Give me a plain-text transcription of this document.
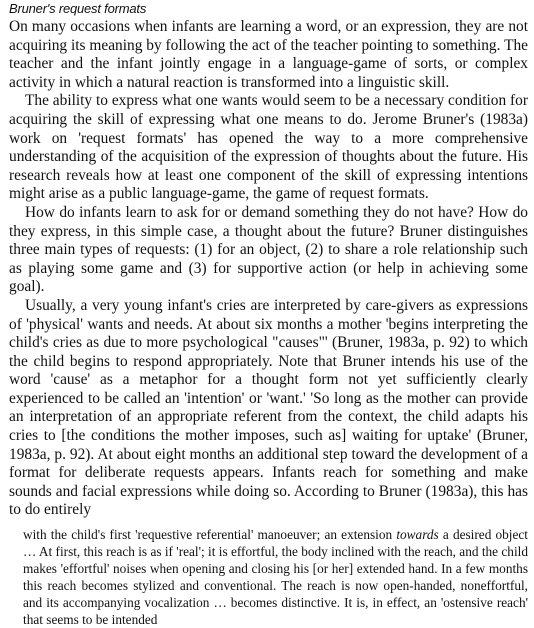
Bruner's request formats

On many occasions when infants are learning a word, or an expression, they are not acquiring its meaning by following the act of the teacher pointing to something. The teacher and the infant jointly engage in a language-game of sorts, or complex activity in which a natural reaction is transformed into a linguistic skill.

The ability to express what one wants would seem to be a necessary condition for acquiring the skill of expressing what one means to do. Jerome Bruner's (1983a) work on 'request formats' has opened the way to a more comprehensive understanding of the acquisition of the expression of thoughts about the future. His research reveals how at least one component of the skill of expressing intentions might arise as a public language-game, the game of request formats.

How do infants learn to ask for or demand something they do not have? How do they express, in this simple case, a thought about the future? Bruner distinguishes three main types of requests: (1) for an object, (2) to share a role relationship such as playing some game and (3) for supportive action (or help in achieving some goal).

Usually, a very young infant's cries are interpreted by care-givers as expressions of 'physical' wants and needs. At about six months a mother 'begins interpreting the child's cries as due to more psychological "causes"' (Bruner, 1983a, p. 92) to which the child begins to respond appropriately. Note that Bruner intends his use of the word 'cause' as a metaphor for a thought form not yet sufficiently clearly experienced to be called an 'intention' or 'want.' 'So long as the mother can provide an interpretation of an appropriate referent from the context, the child adapts his cries to [the conditions the mother imposes, such as] waiting for uptake' (Bruner, 1983a, p. 92). At about eight months an additional step toward the development of a format for deliberate requests appears. Infants reach for something and make sounds and facial expressions while doing so. According to Bruner (1983a), this has to do entirely

with the child's first 'requestive referential' manoeuver; an extension towards a desired object … At first, this reach is as if 'real'; it is effortful, the body inclined with the reach, and the child makes 'effortful' noises when opening and closing his [or her] extended hand. In a few months this reach becomes stylized and conventional. The reach is now open-handed, noneffortful, and its accompanying vocalization … becomes distinctive. It is, in effect, an 'ostensive reach' that seems to be intended
